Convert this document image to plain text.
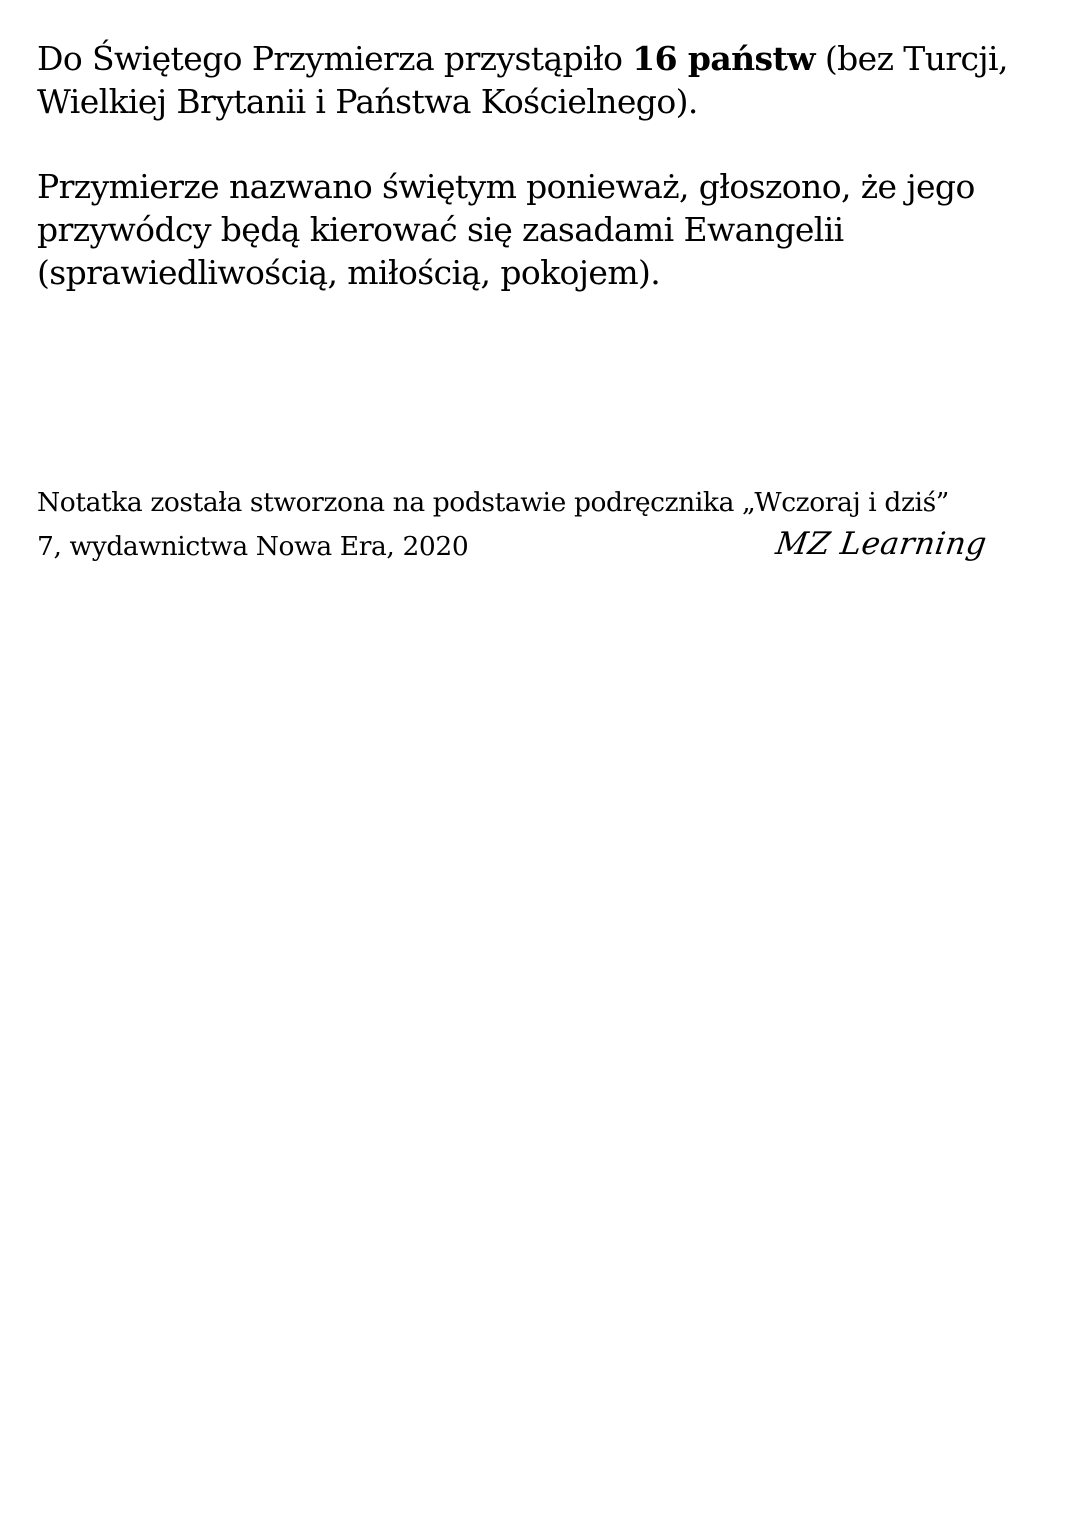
Do Świętego Przymierza przystąpiło 16 państw (bez Turcji, Wielkiej Brytanii i Państwa Kościelnego).

Przymierze nazwano świętym ponieważ, głoszono, że jego przywódcy będą kierować się zasadami Ewangelii (sprawiedliwością, miłością, pokojem).

Notatka została stworzona na podstawie podręcznika „Wczoraj i dziś”

7, wydawnictwa Nowa Era, 2020	MZ Learning
